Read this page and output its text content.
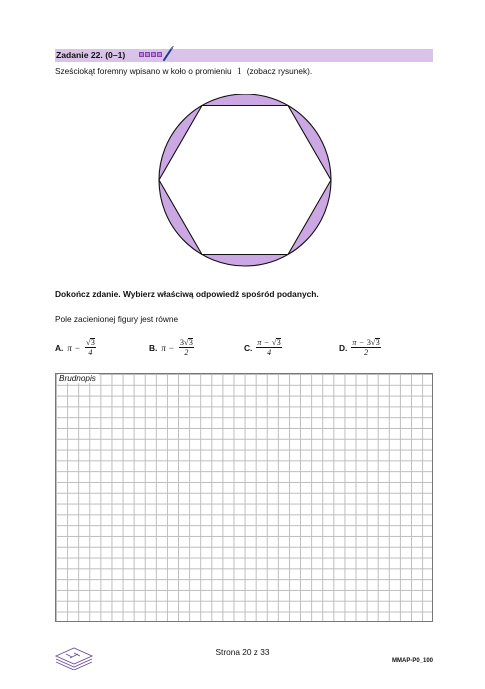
Zadanie 22. (0–1)
Sześciokąt foremny wpisano w koło o promieniu 1 (zobacz rysunek).
Dokończ zdanie. Wybierz właściwą odpowiedź spośród podanych.
Pole zacienionej figury jest równe
A. $\pi - \frac{√ 3}{4}$	B. $\pi - \frac{3 √ 3}{2}$	C. $\frac{\pi - √ 3}{4}$	D. $\frac{\pi - 3 √ 3}{2}$
Brudnopis
Strona 20 z 33
MMAP-P0_100
